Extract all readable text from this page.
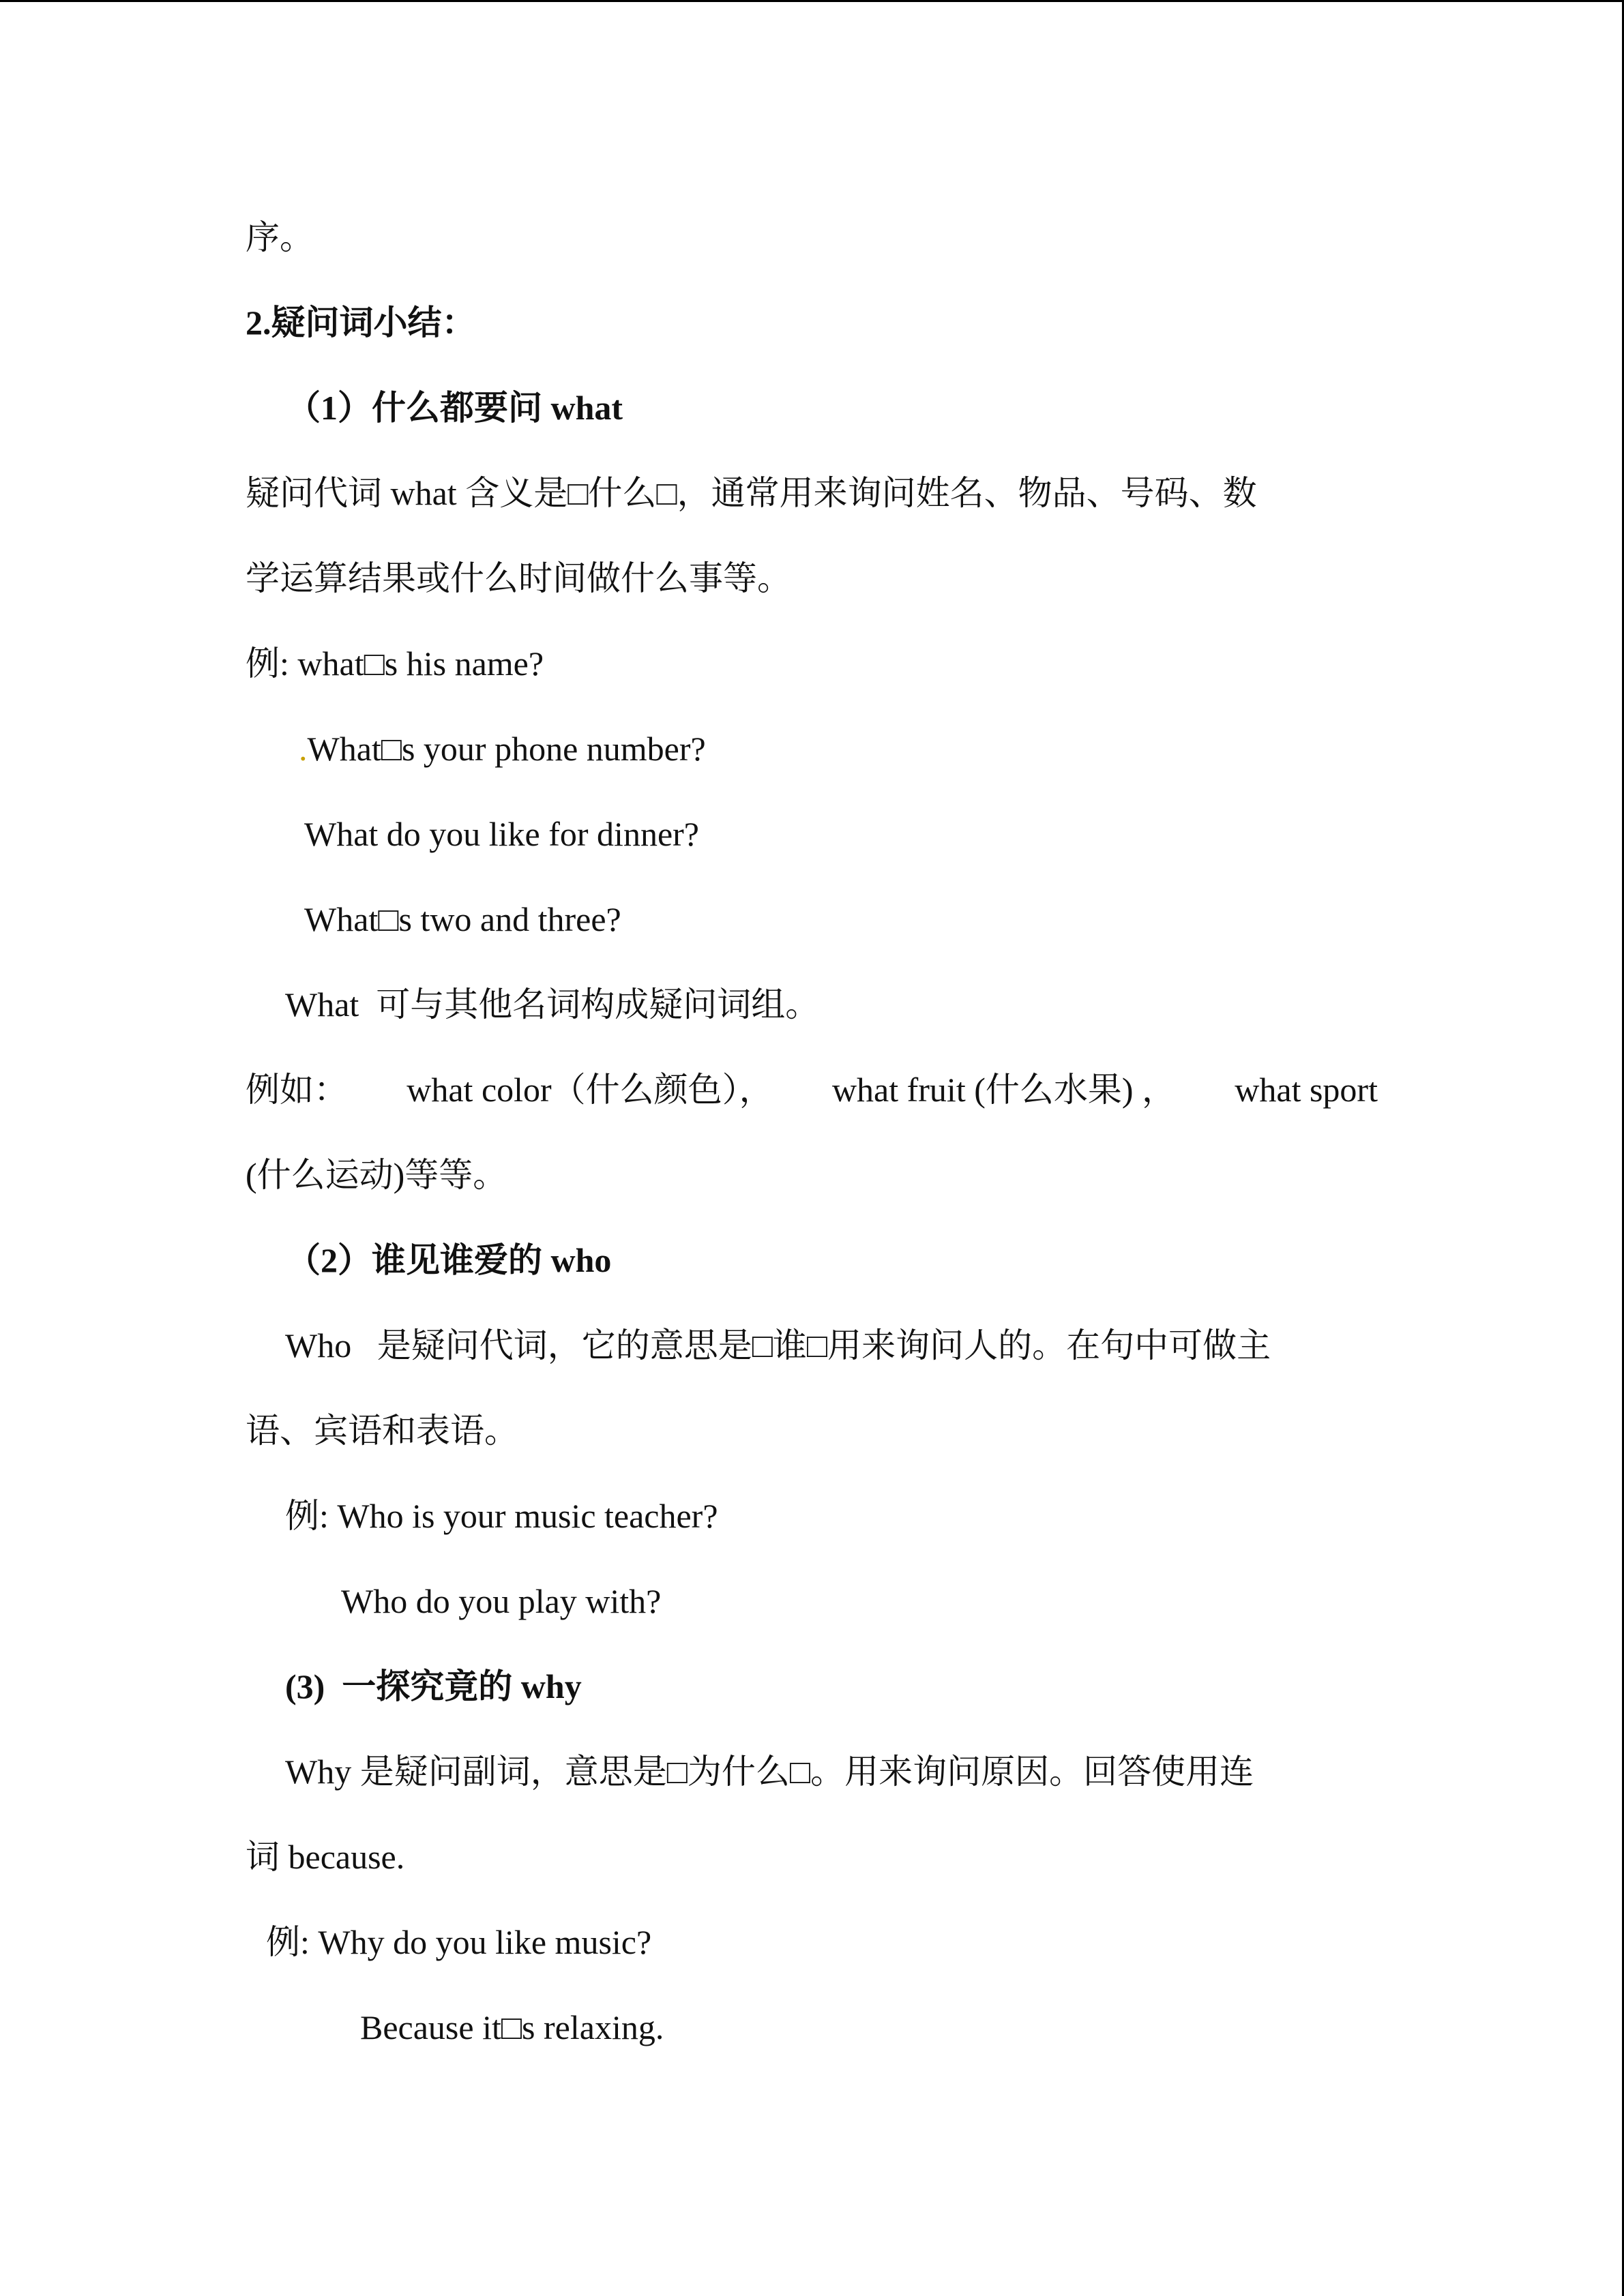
序。
2.疑问词小结：
（1）什么都要问 what
疑问代词 what 含义是□什么□，通常用来询问姓名、物品、号码、数
学运算结果或什么时间做什么事等。
例: what□s his name?
.What□s your phone number?
What do you like for dinner?
What□s two and three?
What  可与其他名词构成疑问词组。
例如： what color（什么颜色）， what fruit (什么水果) ， what sport
(什么运动)等等。
（2）谁见谁爱的 who
Who   是疑问代词，它的意思是□谁□用来询问人的。在句中可做主
语、宾语和表语。
例: Who is your music teacher?
Who do you play with?
(3)  一探究竟的 why
Why 是疑问副词，意思是□为什么□。用来询问原因。回答使用连
词 because.
例: Why do you like music?
Because it□s relaxing.
